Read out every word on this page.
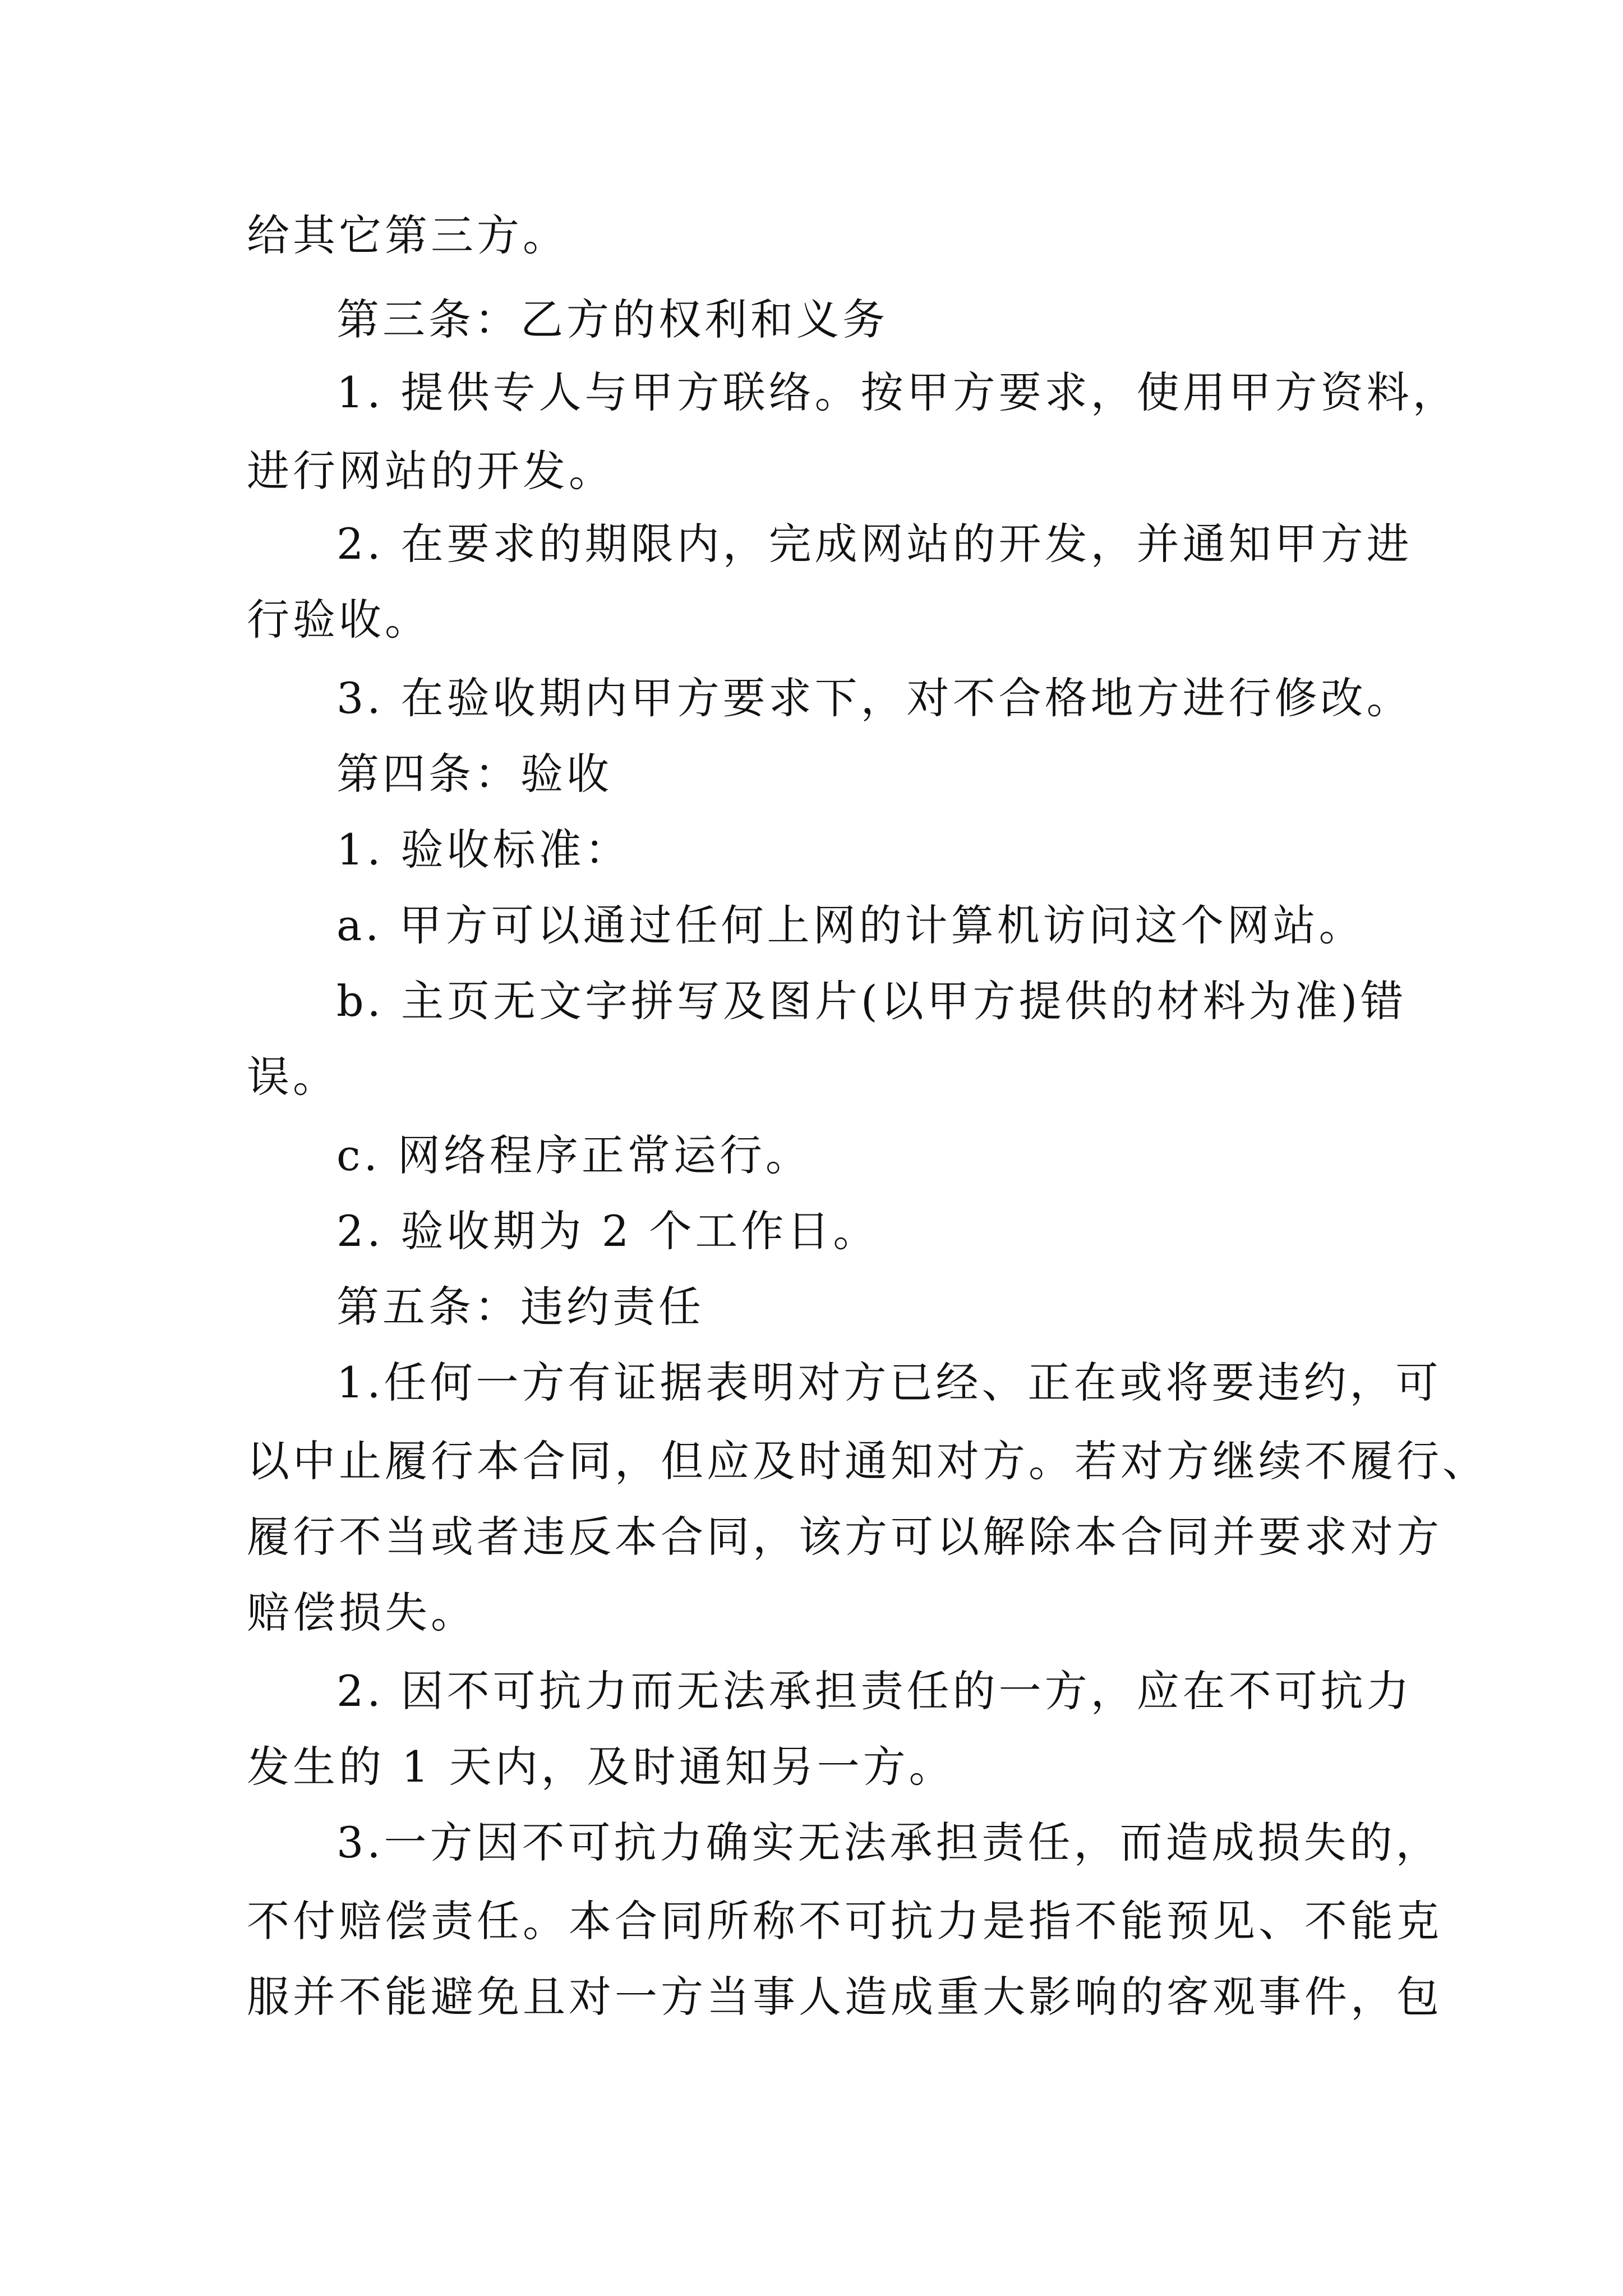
给其它第三方。
第三条：乙方的权利和义务
1. 提供专人与甲方联络。按甲方要求，使用甲方资料，
进行网站的开发。
2. 在要求的期限内，完成网站的开发，并通知甲方进
行验收。
3. 在验收期内甲方要求下，对不合格地方进行修改。
第四条：验收
1. 验收标准：
a. 甲方可以通过任何上网的计算机访问这个网站。
b. 主页无文字拼写及图片(以甲方提供的材料为准)错
误。
c. 网络程序正常运行。
2. 验收期为 2 个工作日。
第五条：违约责任
1.任何一方有证据表明对方已经、正在或将要违约，可
以中止履行本合同，但应及时通知对方。若对方继续不履行、
履行不当或者违反本合同，该方可以解除本合同并要求对方
赔偿损失。
2. 因不可抗力而无法承担责任的一方，应在不可抗力
发生的 1 天内，及时通知另一方。
3.一方因不可抗力确实无法承担责任，而造成损失的，
不付赔偿责任。本合同所称不可抗力是指不能预见、不能克
服并不能避免且对一方当事人造成重大影响的客观事件，包
